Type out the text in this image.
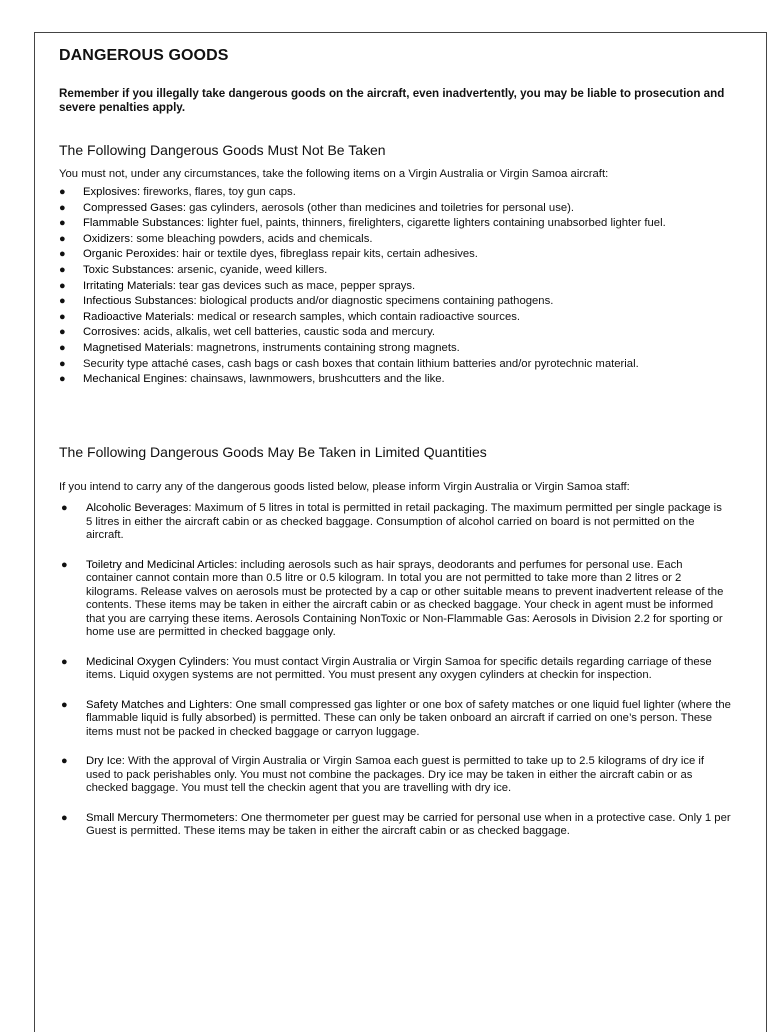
DANGEROUS GOODS

Remember if you illegally take dangerous goods on the aircraft, even inadvertently, you may be liable to prosecution and severe penalties apply.

The Following Dangerous Goods Must Not Be Taken

You must not, under any circumstances, take the following items on a Virgin Australia or Virgin Samoa aircraft:

● Explosives: fireworks, flares, toy gun caps.
● Compressed Gases: gas cylinders, aerosols (other than medicines and toiletries for personal use).
● Flammable Substances: lighter fuel, paints, thinners, firelighters, cigarette lighters containing unabsorbed lighter fuel.
● Oxidizers: some bleaching powders, acids and chemicals.
● Organic Peroxides: hair or textile dyes, fibreglass repair kits, certain adhesives.
● Toxic Substances: arsenic, cyanide, weed killers.
● Irritating Materials: tear gas devices such as mace, pepper sprays.
● Infectious Substances: biological products and/or diagnostic specimens containing pathogens.
● Radioactive Materials: medical or research samples, which contain radioactive sources.
● Corrosives: acids, alkalis, wet cell batteries, caustic soda and mercury.
● Magnetised Materials: magnetrons, instruments containing strong magnets.
● Security type attaché cases, cash bags or cash boxes that contain lithium batteries and/or pyrotechnic material.
● Mechanical Engines: chainsaws, lawnmowers, brushcutters and the like.
The Following Dangerous Goods May Be Taken in Limited Quantities

If you intend to carry any of the dangerous goods listed below, please inform Virgin Australia or Virgin Samoa staff:

● Alcoholic Beverages: Maximum of 5 litres in total is permitted in retail packaging. The maximum permitted per single package is 5 litres in either the aircraft cabin or as checked baggage. Consumption of alcohol carried on board is not permitted on the aircraft.
● Toiletry and Medicinal Articles: including aerosols such as hair sprays, deodorants and perfumes for personal use. Each container cannot contain more than 0.5 litre or 0.5 kilogram. In total you are not permitted to take more than 2 litres or 2 kilograms. Release valves on aerosols must be protected by a cap or other suitable means to prevent inadvertent release of the contents. These items may be taken in either the aircraft cabin or as checked baggage. Your check in agent must be informed that you are carrying these items. Aerosols Containing NonToxic or Non-Flammable Gas: Aerosols in Division 2.2 for sporting or home use are permitted in checked baggage only.
● Medicinal Oxygen Cylinders: You must contact Virgin Australia or Virgin Samoa for specific details regarding carriage of these items. Liquid oxygen systems are not permitted. You must present any oxygen cylinders at checkin for inspection.
● Safety Matches and Lighters: One small compressed gas lighter or one box of safety matches or one liquid fuel lighter (where the flammable liquid is fully absorbed) is permitted. These can only be taken onboard an aircraft if carried on one’s person. These items must not be packed in checked baggage or carryon luggage.
● Dry Ice: With the approval of Virgin Australia or Virgin Samoa each guest is permitted to take up to 2.5 kilograms of dry ice if used to pack perishables only. You must not combine the packages. Dry ice may be taken in either the aircraft cabin or as checked baggage. You must tell the checkin agent that you are travelling with dry ice.
● Small Mercury Thermometers: One thermometer per guest may be carried for personal use when in a protective case. Only 1 per Guest is permitted. These items may be taken in either the aircraft cabin or as checked baggage.
